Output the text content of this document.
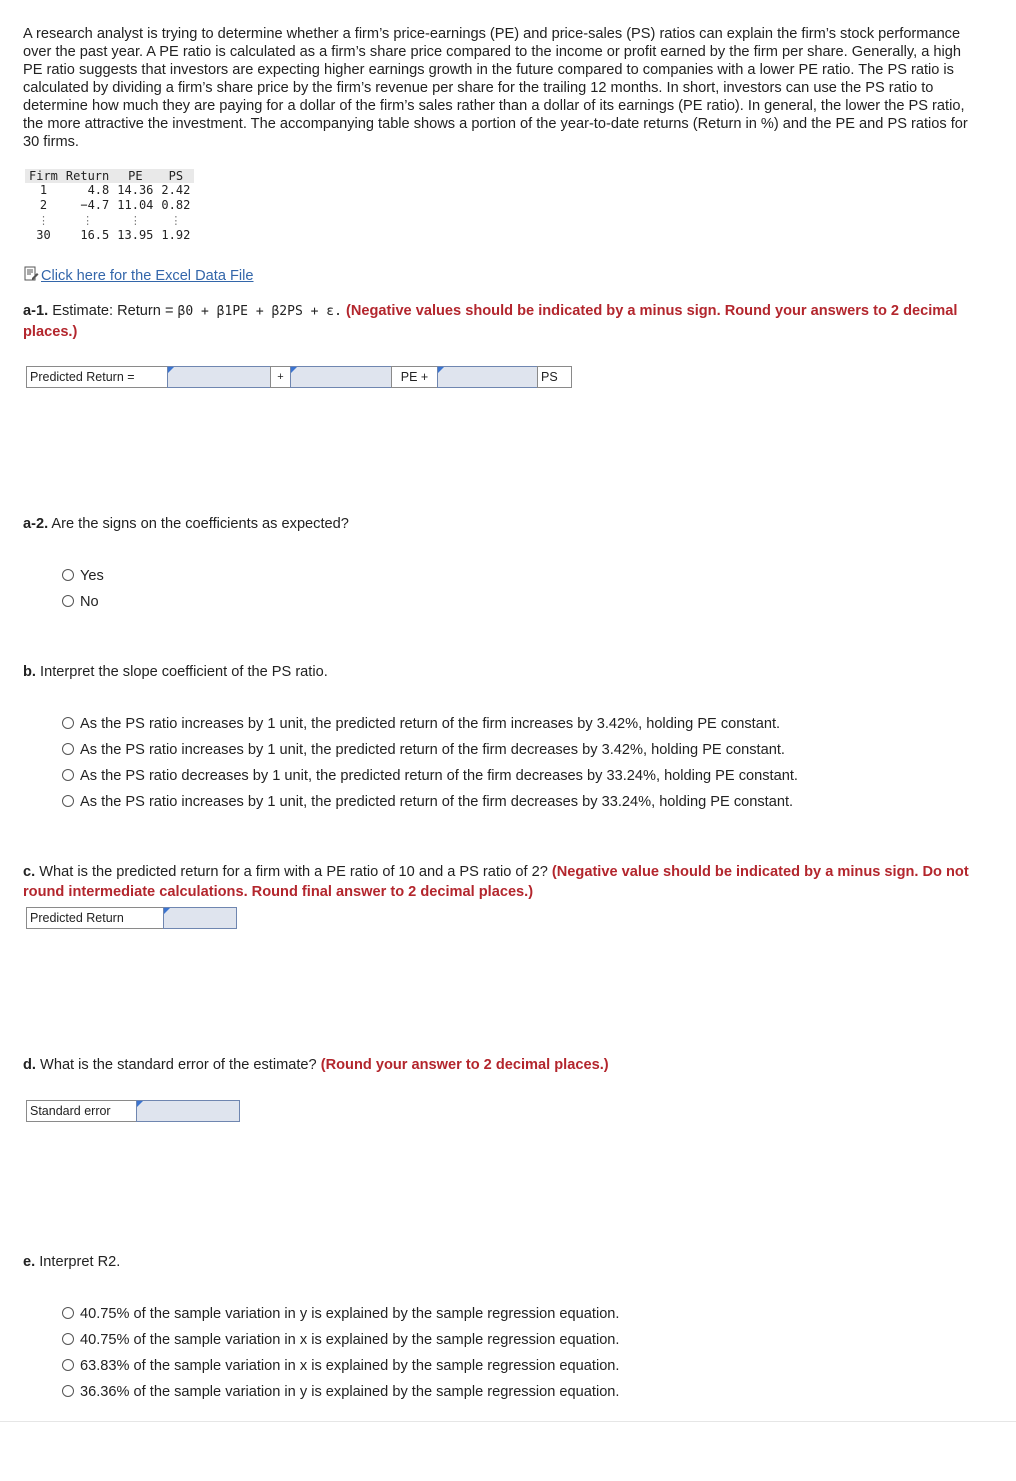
A research analyst is trying to determine whether a firm’s price-earnings (PE) and price-sales (PS) ratios can explain the firm’s stock performance over the past year. A PE ratio is calculated as a firm’s share price compared to the income or profit earned by the firm per share. Generally, a high PE ratio suggests that investors are expecting higher earnings growth in the future compared to companies with a lower PE ratio. The PS ratio is calculated by dividing a firm’s share price by the firm’s revenue per share for the trailing 12 months. In short, investors can use the PS ratio to determine how much they are paying for a dollar of the firm’s sales rather than a dollar of its earnings (PE ratio). In general, the lower the PS ratio, the more attractive the investment. The accompanying table shows a portion of the year-to-date returns (Return in %) and the PE and PS ratios for 30 firms.

Firm	Return	PE	PS
1	4.8	14.36	2.42
2	−4.7	11.04	0.82
⋮	⋮	⋮	⋮
30	16.5	13.95	1.92
Click here for the Excel Data File
a-1. Estimate: Return = β0 + β1PE + β2PS + ε. (Negative values should be indicated by a minus sign. Round your answers to 2 decimal places.)
Predicted Return =	+	PE +	PS
a-2. Are the signs on the coefficients as expected?
Yes
No
b. Interpret the slope coefficient of the PS ratio.
As the PS ratio increases by 1 unit, the predicted return of the firm increases by 3.42%, holding PE constant.
As the PS ratio increases by 1 unit, the predicted return of the firm decreases by 3.42%, holding PE constant.
As the PS ratio decreases by 1 unit, the predicted return of the firm decreases by 33.24%, holding PE constant.
As the PS ratio increases by 1 unit, the predicted return of the firm decreases by 33.24%, holding PE constant.
c. What is the predicted return for a firm with a PE ratio of 10 and a PS ratio of 2? (Negative value should be indicated by a minus sign. Do not round intermediate calculations. Round final answer to 2 decimal places.)
Predicted Return
d. What is the standard error of the estimate? (Round your answer to 2 decimal places.)
Standard error
e. Interpret R2.
40.75% of the sample variation in y is explained by the sample regression equation.
40.75% of the sample variation in x is explained by the sample regression equation.
63.83% of the sample variation in x is explained by the sample regression equation.
36.36% of the sample variation in y is explained by the sample regression equation.
